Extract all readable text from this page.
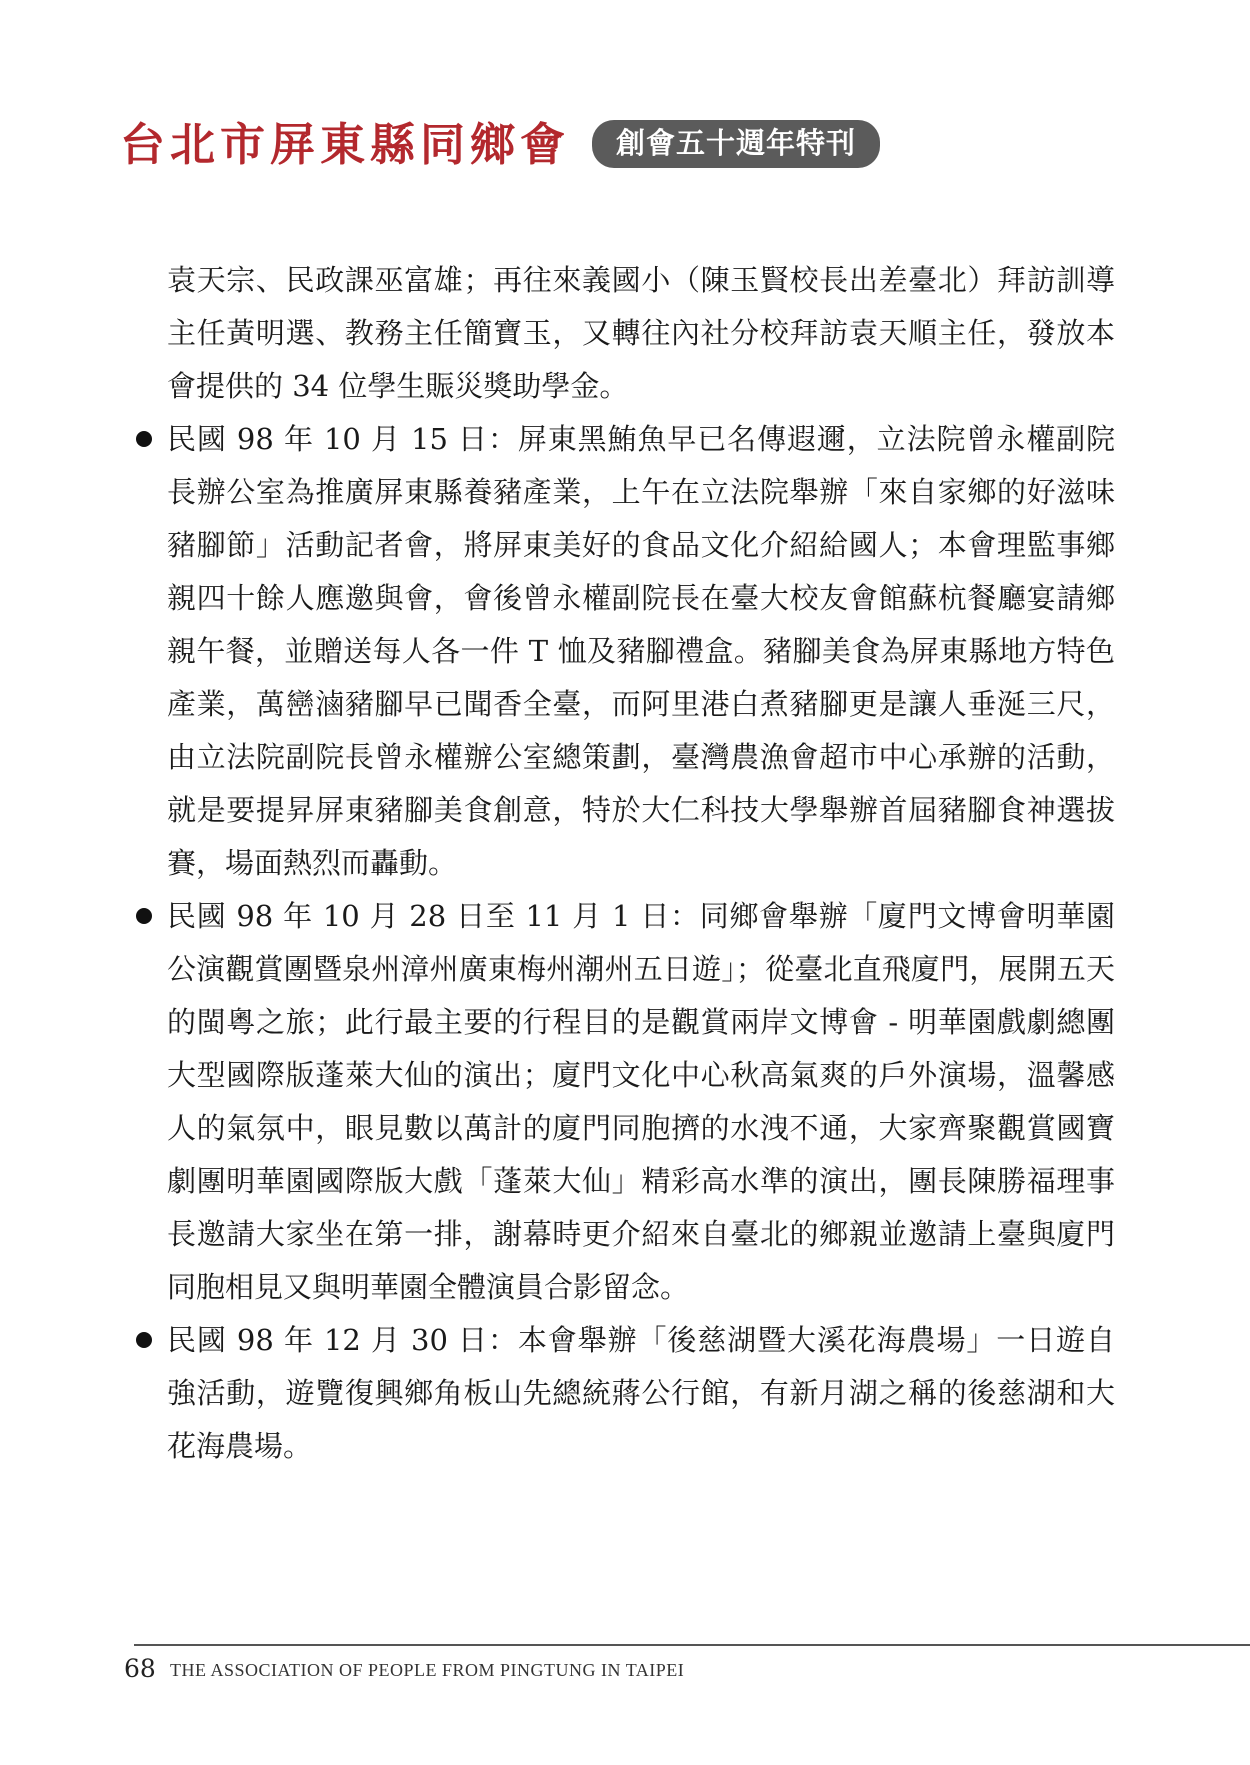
台北市屏東縣同鄉會	創會五十週年特刊
袁天宗、民政課巫富雄；再往來義國小（陳玉賢校長出差臺北）拜訪訓導主任黃明選、教務主任簡寶玉，又轉往內社分校拜訪袁天順主任，發放本會提供的 34 位學生賑災獎助學金。
民國 98 年 10 月 15 日：屏東黑鮪魚早已名傳遐邇，立法院曾永權副院長辦公室為推廣屏東縣養豬產業，上午在立法院舉辦「來自家鄉的好滋味豬腳節」活動記者會，將屏東美好的食品文化介紹給國人；本會理監事鄉親四十餘人應邀與會，會後曾永權副院長在臺大校友會館蘇杭餐廳宴請鄉親午餐，並贈送每人各一件 T 恤及豬腳禮盒。豬腳美食為屏東縣地方特色產業，萬巒滷豬腳早已聞香全臺，而阿里港白煮豬腳更是讓人垂涎三尺，由立法院副院長曾永權辦公室總策劃，臺灣農漁會超市中心承辦的活動，就是要提昇屏東豬腳美食創意，特於大仁科技大學舉辦首屆豬腳食神選拔賽，場面熱烈而轟動。
民國 98 年 10 月 28 日至 11 月 1 日：同鄉會舉辦「廈門文博會明華園公演觀賞團暨泉州漳州廣東梅州潮州五日遊」；從臺北直飛廈門，展開五天的閩粵之旅；此行最主要的行程目的是觀賞兩岸文博會 - 明華園戲劇總團大型國際版蓬萊大仙的演出；廈門文化中心秋高氣爽的戶外演場，溫馨感人的氣氛中，眼見數以萬計的廈門同胞擠的水洩不通，大家齊聚觀賞國寶劇團明華園國際版大戲「蓬萊大仙」精彩高水準的演出，團長陳勝福理事長邀請大家坐在第一排，謝幕時更介紹來自臺北的鄉親並邀請上臺與廈門同胞相見又與明華園全體演員合影留念。
民國 98 年 12 月 30 日：本會舉辦「後慈湖暨大溪花海農場」一日遊自強活動，遊覽復興鄉角板山先總統蔣公行館，有新月湖之稱的後慈湖和大花海農場。
68 THE ASSOCIATION OF PEOPLE FROM PINGTUNG IN TAIPEI
